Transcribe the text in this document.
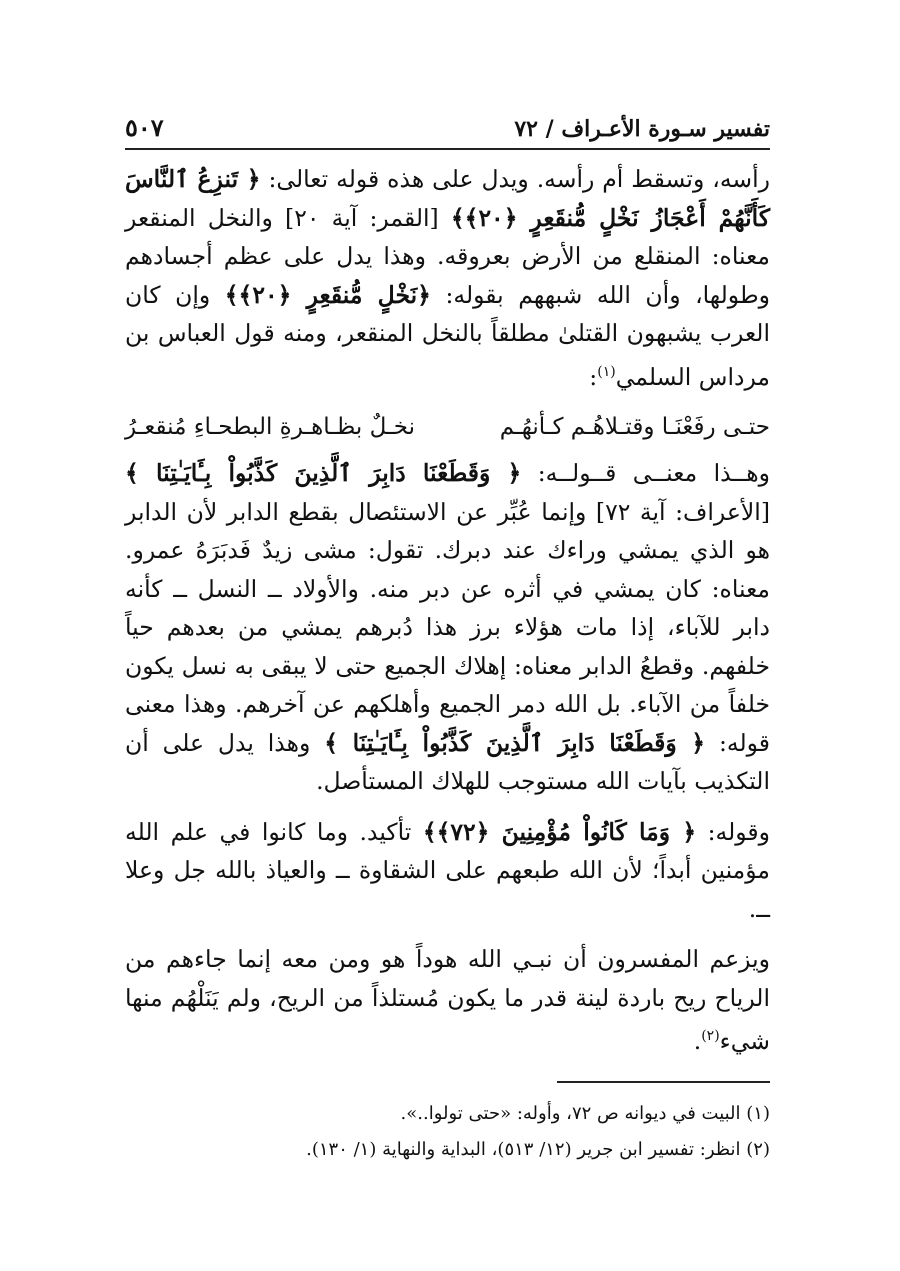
تفسير سـورة الأعـراف / ٧٢
٥٠٧

رأسه، وتسقط أم رأسه. ويدل على هذه قوله تعالى: ﴿ تَنزِعُ ٱلنَّاسَ كَأَنَّهُمْ أَعْجَازُ نَخْلٍ مُّنقَعِرٍ ﴿٢٠﴾﴾ [القمر: آية ٢٠] والنخل المنقعر معناه: المنقلع من الأرض بعروقه. وهذا يدل على عظم أجسادهم وطولها، وأن الله شبههم بقوله: ﴿نَخْلٍ مُّنقَعِرٍ ﴿٢٠﴾﴾ وإن كان العرب يشبهون القتلىٰ مطلقاً بالنخل المنقعر، ومنه قول العباس بن مرداس السلمي$^{(١)}$:

حتـى رفَعْنَـا وقتـلاهُـم كـأنهُـم
نخـلٌ بظـاهـرةِ البطحـاءِ مُنقعـرُ

وهــذا معنــى قــولــه: ﴿ وَقَطَعْنَا دَابِرَ ٱلَّذِينَ كَذَّبُواْ بِـَٔايَـٰتِنَا ﴾ [الأعراف: آية ٧٢] وإنما عُبِّر عن الاستئصال بقطع الدابر لأن الدابر هو الذي يمشي وراءك عند دبرك. تقول: مشى زيدٌ فَدبَرَهُ عمرو. معناه: كان يمشي في أثره عن دبر منه. والأولاد ــ النسل ــ كأنه دابر للآباء، إذا مات هؤلاء برز هذا دُبرهم يمشي من بعدهم حياً خلفهم. وقطعُ الدابر معناه: إهلاك الجميع حتى لا يبقى به نسل يكون خلفاً من الآباء. بل الله دمر الجميع وأهلكهم عن آخرهم. وهذا معنى قوله: ﴿ وَقَطَعْنَا دَابِرَ ٱلَّذِينَ كَذَّبُواْ بِـَٔايَـٰتِنَا ﴾ وهذا يدل على أن التكذيب بآيات الله مستوجب للهلاك المستأصل.

وقوله: ﴿ وَمَا كَانُواْ مُؤْمِنِينَ ﴿٧٢﴾﴾ تأكيد. وما كانوا في علم الله مؤمنين أبداً؛ لأن الله طبعهم على الشقاوة ــ والعياذ بالله جل وعلا ــ.

ويزعم المفسرون أن نبـي الله هوداً هو ومن معه إنما جاءهم من الرياح ريح باردة لينة قدر ما يكون مُستلذاً من الريح، ولم يَنَلْهُم منها شيء$^{(٢)}$.

(١) البيت في ديوانه ص ٧٢، وأوله: «حتى تولوا..».

(٢) انظر: تفسير ابن جرير (١٢/ ٥١٣)، البداية والنهاية (١/ ١٣٠).
